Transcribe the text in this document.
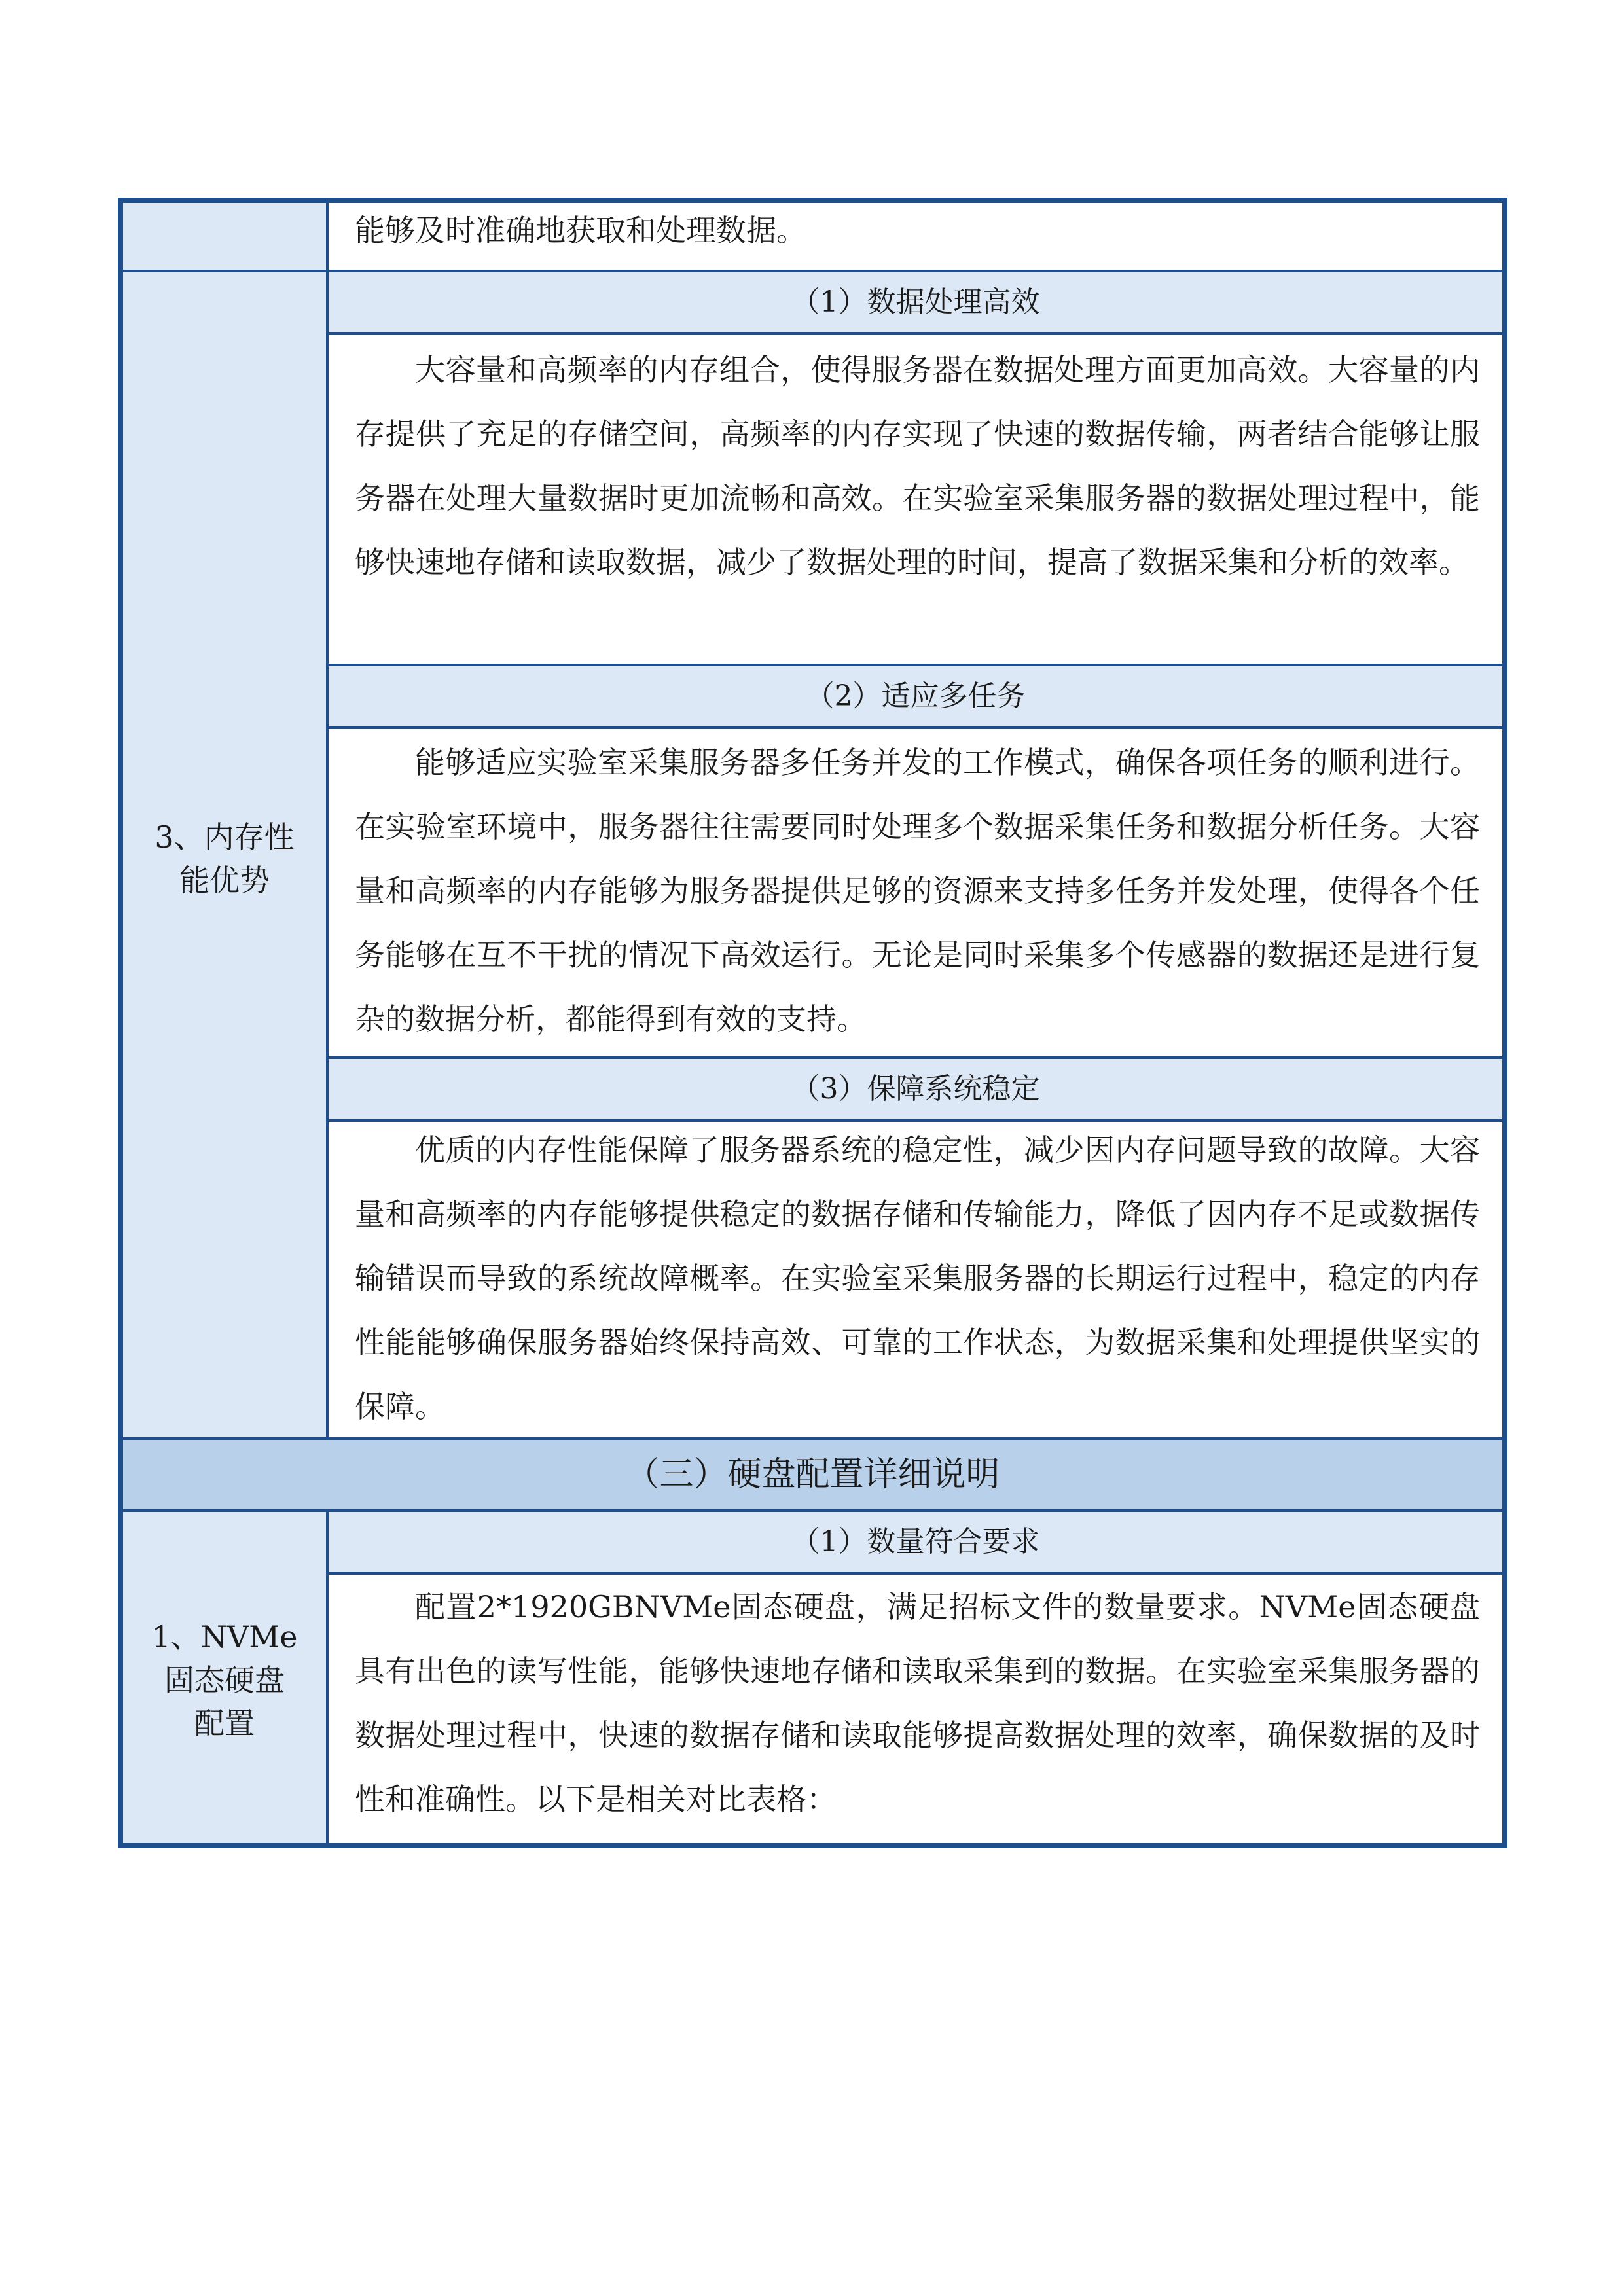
能够及时准确地获取和处理数据。

3、内存性
能优势
（1）数据处理高效

大容量和高频率的内存组合，使得服务器在数据处理方面更加高效。大容量的内存提供了充足的存储空间，高频率的内存实现了快速的数据传输，两者结合能够让服务器在处理大量数据时更加流畅和高效。在实验室采集服务器的数据处理过程中，能够快速地存储和读取数据，减少了数据处理的时间，提高了数据采集和分析的效率。

（2）适应多任务

能够适应实验室采集服务器多任务并发的工作模式，确保各项任务的顺利进行。在实验室环境中，服务器往往需要同时处理多个数据采集任务和数据分析任务。大容量和高频率的内存能够为服务器提供足够的资源来支持多任务并发处理，使得各个任务能够在互不干扰的情况下高效运行。无论是同时采集多个传感器的数据还是进行复杂的数据分析，都能得到有效的支持。

（3）保障系统稳定

优质的内存性能保障了服务器系统的稳定性，减少因内存问题导致的故障。大容量和高频率的内存能够提供稳定的数据存储和传输能力，降低了因内存不足或数据传输错误而导致的系统故障概率。在实验室采集服务器的长期运行过程中，稳定的内存性能能够确保服务器始终保持高效、可靠的工作状态，为数据采集和处理提供坚实的保障。

（三）硬盘配置详细说明
1、NVMe
固态硬盘
配置
（1）数量符合要求

配置2*1920GBNVMe固态硬盘，满足招标文件的数量要求。NVMe固态硬盘具有出色的读写性能，能够快速地存储和读取采集到的数据。在实验室采集服务器的数据处理过程中，快速的数据存储和读取能够提高数据处理的效率，确保数据的及时性和准确性。以下是相关对比表格：
